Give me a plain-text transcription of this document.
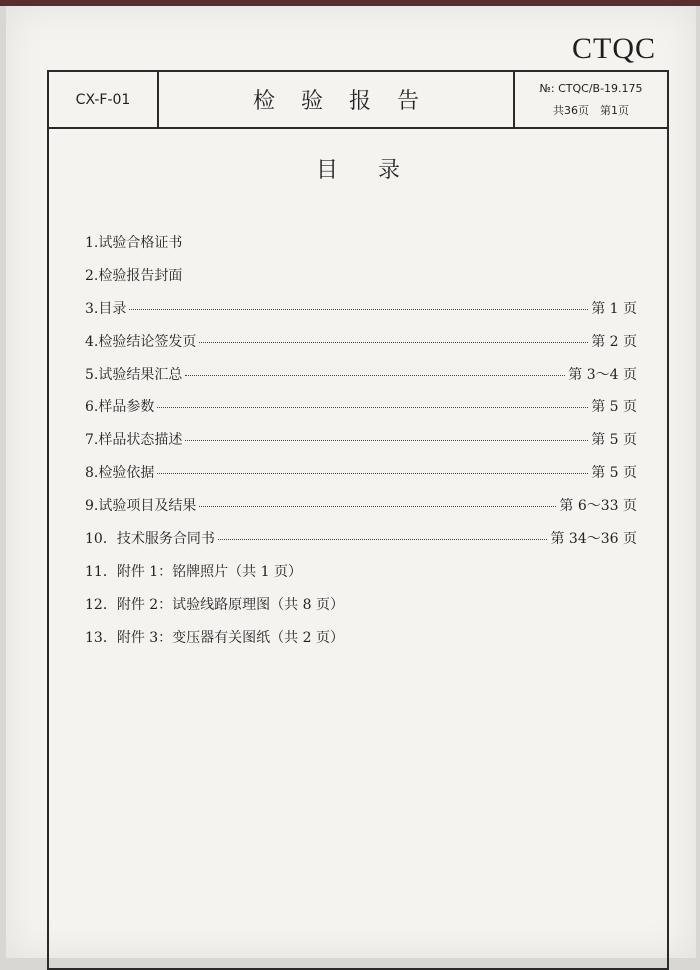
CTQC
CX-F-01	检验报告
№: CTQC/B-19.175
共36页　第1页
目录
1.试验合格证书
2.检验报告封面
3.目录	第 1 页
4.检验结论签发页	第 2 页
5.试验结果汇总	第 3～4 页
6.样品参数	第 5 页
7.样品状态描述	第 5 页
8.检验依据	第 5 页
9.试验项目及结果	第 6～33 页
10．技术服务合同书	第 34～36 页
11．附件 1：铭牌照片（共 1 页）
12．附件 2：试验线路原理图（共 8 页）
13．附件 3：变压器有关图纸（共 2 页）
